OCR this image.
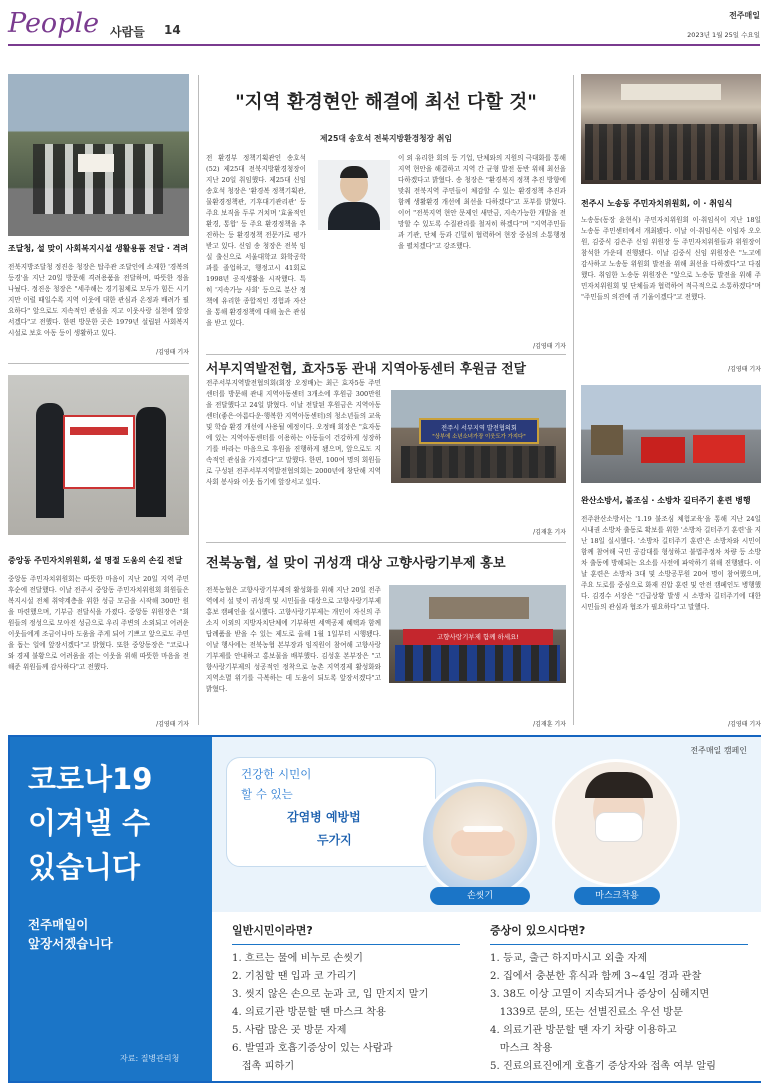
People 사람들 14
전주매일
2023년 1월 25일 수요일
조달청, 설 맞이 사회복지시설 생활용품 전달 · 격려
전북지방조달청 정진응 청장은 탑주관 조달인에 소재한 '경복의 등경'을 지난 20일 방문해 격려용품을 전달하며, 따뜻한 정을 나눴다. 정진응 청장은 "세주해는 경기침체로 모두가 힘든 시기지만 이럴 때일수록 지역 이웃에 대한 관심과 온정과 배려가 필요하다" 앞으로도 지속적인 관심을 지고 이웃사랑 실천에 앞장서겠다"고 전했다. 한편 방문한 곳은 1979년 설립된 사회복지시설로 보호 아동 등이 생활하고 있다.
/김영태 기자
중앙동 주민자치위원회, 설 명절 도움의 손길 전달
중앙동 주민자치위원회는 따뜻한 마음이 지난 20일 지역 주민 후순에 전달했다. 이날 전주시 중앙동 주민자치위원회 회원들은 복지시설 전체 취약계층을 위한 성금 모금을 시작해 300만 원을 마련했으며, 기부금 전달식을 가졌다. 중앙동 위원장은 "회원들의 정성으로 모아진 성금으로 우리 주변의 소외되고 어려운 이웃들에게 조금이나마 도움을 주게 되어 기쁘고 앞으로도 주민을 돕는 일에 앞장서겠다"고 밝혔다. 또한 중앙동장은 "코로나와 경제 불황으로 어려움을 겪는 이웃을 위해 따뜻한 마음을 전해준 위원들께 감사하다"고 전했다.
/김영태 기자
"지역 환경현안 해결에 최선 다할 것"
제25대 송호석 전북지방환경청장 취임
전 환경부 정책기획관인 송호석(52) 제25대 전북지방환경청장이 지난 20일 취임했다. 제25대 신임 송호석 청장은 '환경복 정책기획관, 물환경정책관, 기후대기관리관' 등 주요 보직을 두루 거치며 '효율적인 환경, 통합' 등 주요 환경정책을 추진하는 등 환경정책 전문가로 평가받고 있다. 신임 송 청장은 전북 임실 출신으로 서울대학교 화학공학과를 졸업하고, 행정고시 41회로 1998년 공직생활을 시작했다. 특히 '지속가능 사회' 등으로 분산 정책에 유리한 종합적인 경험과 자산을 통해 환경정책에 대해 높은 관심을 받고 있다.
이 외 유리한 회의 등 기업, 단체와의 지원의 극대화를 통해 지역 현안을 해결하고 지역 간 균형 발전 동반 위해 최선을 다하겠다고 밝혔다. 송 청장은 "환경복지 정책 추진 방향에 맞춰 전북지역 주민들이 체감할 수 있는 환경정책 추진과 함께 생활환경 개선에 최선을 다하겠다"고 포부를 밝혔다. 이어 "전북지역 현안 문제인 새만금, 지속가능한 개발을 전망할 수 있도록 수질관리를 철저히 하겠다"며 "지역주민들과 기관, 단체 등과 긴밀히 협력하여 현장 중심의 소통행정을 펼치겠다"고 강조했다.
/김영태 기자
서부지역발전협, 효자5동 관내 지역아동센터 후원금 전달
전주서부지역발전협의회(회장 오정배)는 최근 효자5동 주민센터를 방문해 관내 지역아동센터 3개소에 후원금 300만원을 전달했다고 24일 밝혔다. 이날 전달된 후원금은 지역아동센터(좋은·아름다운·행복한 지역아동센터)의 청소년들의 교육 및 학습 환경 개선에 사용될 예정이다. 오정배 회장은 "효자동에 있는 지역아동센터를 이용하는 아동들이 건강하게 성장하기를 바라는 마음으로 후원을 진행하게 됐으며, 앞으로도 지속적인 관심을 가지겠다"고 말했다. 한편, 100여 명의 회원들로 구성된 전주서부지역발전협의회는 2000년에 창단해 지역사회 봉사와 이웃 돕기에 앞장서고 있다.
전주시 서부지역 발전협의회
"상부에 소년소녀가장 이웃도가 가지다"
/김재훈 기자
전북농협, 설 맞이 귀성객 대상 고향사랑기부제 홍보
전북농협은 고향사랑기부제의 활성화를 위해 지난 20일 전주역에서 설 맞이 귀성객 및 시민들을 대상으로 고향사랑기부제 홍보 캠페인을 실시했다. 고향사랑기부제는 개인이 자신의 주소지 이외의 지방자치단체에 기부하면 세액공제 혜택과 함께 답례품을 받을 수 있는 제도로 올해 1월 1일부터 시행됐다. 이날 행사에는 전북농협 본부장과 임직원이 참여해 고향사랑기부제를 안내하고 홍보물을 배부했다. 김성훈 본부장은 "고향사랑기부제의 성공적인 정착으로 농촌 지역경제 활성화와 지역소멸 위기를 극복하는 데 도움이 되도록 앞장서겠다"고 밝혔다.
고향사랑기부제 함께 하세요!
/김재훈 기자
전주시 노송동 주민자치위원회, 이 · 취임식
노송동(동장 윤현식) 주민자치위원회 이·취임식이 지난 18일 노송동 주민센터에서 개최됐다. 이날 이·취임식은 이임자 오오원, 김중식 김은주 신임 위원장 등 주민자치위원들과 위원장이 참석한 가운데 진행됐다. 이날 김중식 신임 위원장은 "노고에 감사하고 노송동 위원회 발전을 위해 최선을 다하겠다"고 다짐했다. 취임한 노송동 위원장은 "앞으로 노송동 발전을 위해 주민자치위원회 및 단체들과 협력하여 적극적으로 소통하겠다"며 "주민들의 의견에 귀 기울이겠다"고 전했다.
/김영태 기자
완산소방서, 불조심 · 소방차 길터주기 훈련 병행
전주완산소방서는 '1.19 불조심 체험교육'을 통해 지난 24일 시내권 소방차 출동로 확보를 위한 '소방차 길터주기 훈련'을 지난 18일 실시했다. '소방차 길터주기 훈련'은 소방차와 시민이 함께 참여해 국민 공감대를 형성하고 불법주정차 차량 등 소방차 출동에 방해되는 요소를 사전에 파악하기 위해 진행됐다. 이날 훈련은 소방차 3대 및 소방공무원 20여 명이 참여했으며, 주요 도로를 중심으로 화재 진압 훈련 및 안전 캠페인도 병행했다. 김경수 서장은 "긴급상황 발생 시 소방차 길터주기에 대한 시민들의 관심과 협조가 필요하다"고 말했다.
/김영태 기자
코로나19
이겨낼 수
있습니다
전주매일이
앞장서겠습니다
자료: 질병관리청
전주매일 캠페인
건강한 시민이
할 수 있는
감염병 예방법
두가지
손씻기	마스크착용
일반시민이라면?
1. 흐르는 물에 비누로 손씻기
2. 기침할 땐 입과 코 가리기
3. 씻지 않은 손으로 눈과 코, 입 만지지 말기
4. 의료기관 방문할 땐 마스크 착용
5. 사람 많은 곳 방문 자제
6. 발열과 호흡기증상이 있는 사람과
접촉 피하기
증상이 있으시다면?
1. 등교, 출근 하지마시고 외출 자제
2. 집에서 충분한 휴식과 함께 3~4일 경과 관찰
3. 38도 이상 고열이 지속되거나 증상이 심해지면
1339로 문의, 또는 선별진료소 우선 방문
4. 의료기관 방문할 땐 자기 차량 이용하고
마스크 착용
5. 진료의료진에게 호흡기 증상자와 접촉 여부 알림
